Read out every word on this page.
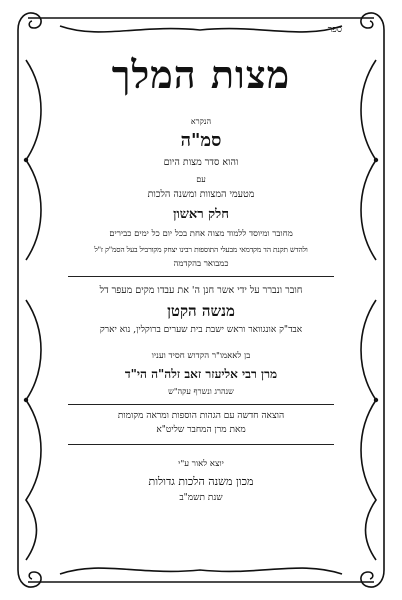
ספר
מצות המלך
הנקרא
סמ"ה
והוא סדר מצות היום
עם
מטעמי המצוות ומשנה הלכות
חלק ראשון
מחובר ומיוסד ללמוד מצוה אחת בכל יום כל ימים כבירים
ולהדש תקנת הד מקדמאי מבעלי התוספות רבינו יצחק מקורביל בעל הסמ"ק ז"ל
כמבואר בהקדמה
חובר ונברר על ידי אשר חנן ה' את עבדו מקים מעפר דל
מנשה הקטן
אבד"ק אונגוואר וראש ישבת בית שערים ברוקלין, נוא יארק
בן לאאמו"ר הקדוש חסיד ועניו
מרן רבי אליעזר זאב זלה"ה הי"ד
שנהרג ונשרף עקה"ש
הוצאה חדשה עם הגהות הוספות ומראה מקומות
מאת מרן המחבר שליט"א
יוצא לאור ע"י
מכון משנה הלכות גדולות
שנת תשמ"ב
